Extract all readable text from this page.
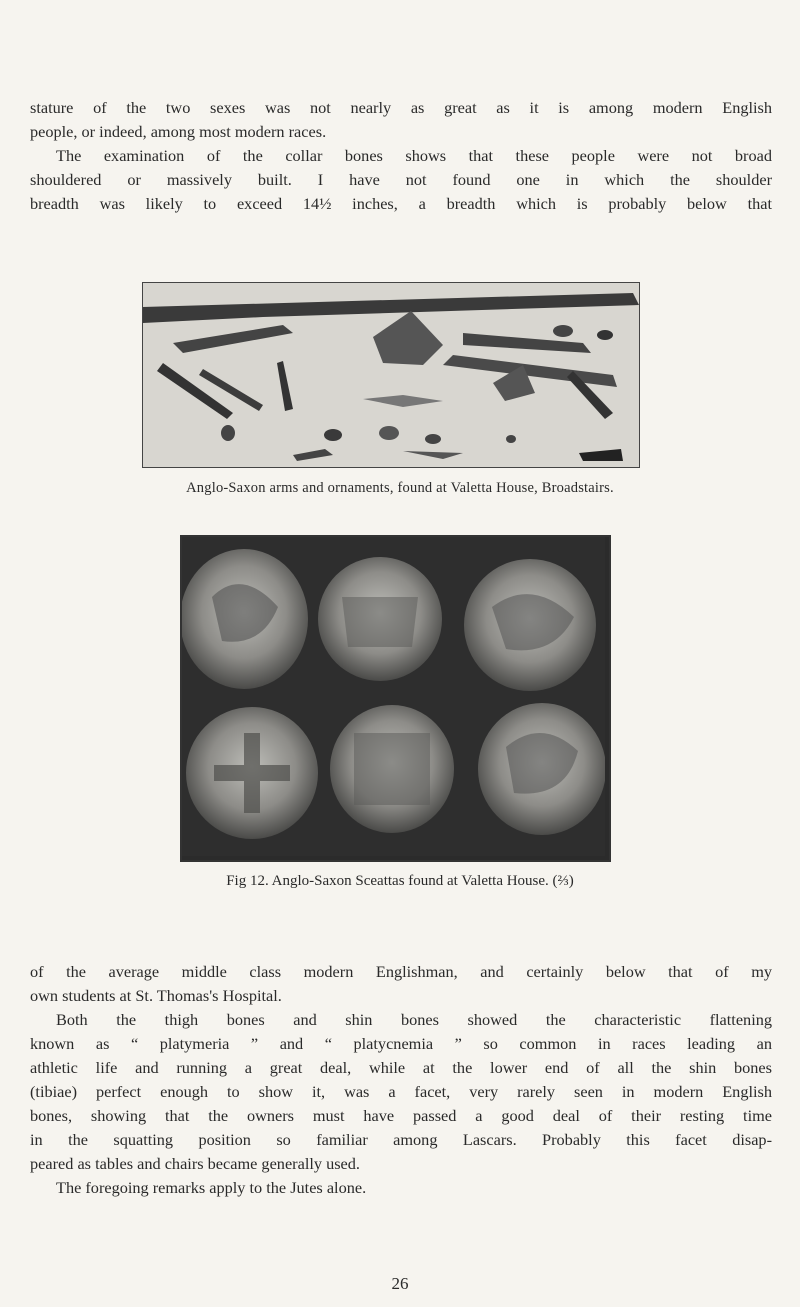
stature of the two sexes was not nearly as great as it is among modern English
people, or indeed, among most modern races.
The examination of the collar bones shows that these people were not broad
shouldered or massively built. I have not found one in which the shoulder
breadth was likely to exceed 14½ inches, a breadth which is probably below that

Anglo-Saxon arms and ornaments, found at Valetta House, Broadstairs.
Fig 12. Anglo-Saxon Sceattas found at Valetta House. (⅔)

of the average middle class modern Englishman, and certainly below that of my
own students at St. Thomas's Hospital.
Both the thigh bones and shin bones showed the characteristic flattening
known as “ platymeria ” and “ platycnemia ” so common in races leading an
athletic life and running a great deal, while at the lower end of all the shin bones
(tibiae) perfect enough to show it, was a facet, very rarely seen in modern English
bones, showing that the owners must have passed a good deal of their resting time
in the squatting position so familiar among Lascars. Probably this facet disap-
peared as tables and chairs became generally used.
The foregoing remarks apply to the Jutes alone.

26
